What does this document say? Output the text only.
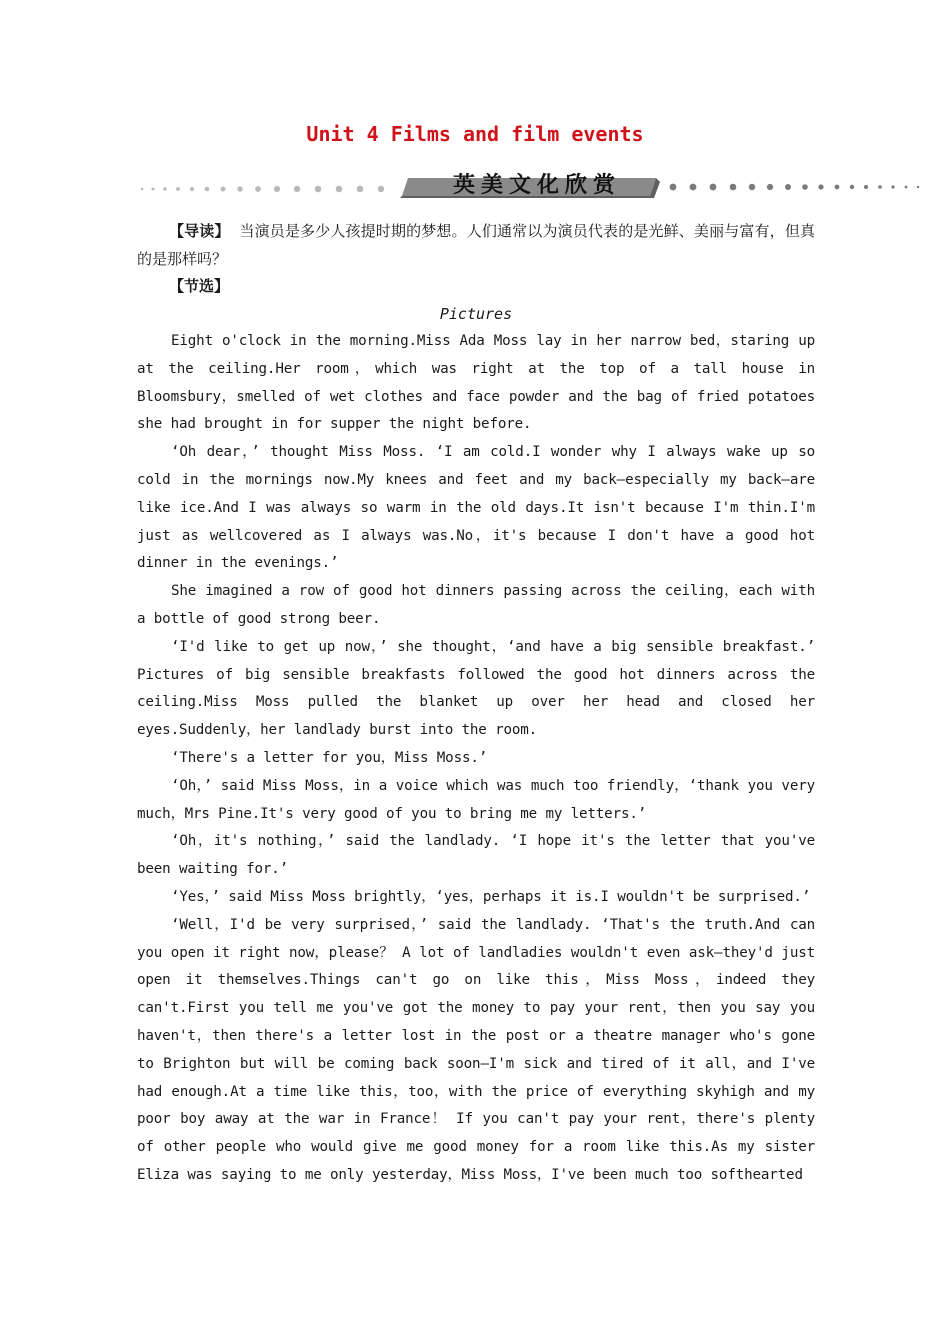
Unit 4 Films and film events
英美文化欣赏

【导读】 当演员是多少人孩提时期的梦想。人们通常以为演员代表的是光鲜、美丽与富有，但真的是那样吗？

【节选】

Pictures

Eight o'clock in the morning.Miss Ada Moss lay in her narrow bed，staring up at the ceiling.Her room，which was right at the top of a tall house in Bloomsbury，smelled of wet clothes and face powder and the bag of fried potatoes she had brought in for supper the night before.

‘Oh dear，’ thought Miss Moss. ‘I am cold.I wonder why I always wake up so cold in the mornings now.My knees and feet and my back—especially my back—are like ice.And I was always so warm in the old days.It isn't because I'm thin.I'm just as wellcovered as I always was.No，it's because I don't have a good hot dinner in the evenings.’

She imagined a row of good hot dinners passing across the ceiling，each with a bottle of good strong beer.

‘I'd like to get up now，’ she thought，‘and have a big sensible breakfast.’ Pictures of big sensible breakfasts followed the good hot dinners across the ceiling.Miss Moss pulled the blanket up over her head and closed her eyes.Suddenly，her landlady burst into the room.

‘There's a letter for you，Miss Moss.’

‘Oh，’ said Miss Moss，in a voice which was much too friendly，‘thank you very much，Mrs Pine.It's very good of you to bring me my letters.’

‘Oh，it's nothing，’ said the landlady. ‘I hope it's the letter that you've been waiting for.’

‘Yes，’ said Miss Moss brightly，‘yes，perhaps it is.I wouldn't be surprised.’

‘Well，I'd be very surprised，’ said the landlady. ‘That's the truth.And can you open it right now，please？ A lot of landladies wouldn't even ask—they'd just open it themselves.Things can't go on like this，Miss Moss，indeed they can't.First you tell me you've got the money to pay your rent，then you say you haven't，then there's a letter lost in the post or a theatre manager who's gone to Brighton but will be coming back soon—I'm sick and tired of it all，and I've had enough.At a time like this，too，with the price of everything skyhigh and my poor boy away at the war in France！ If you can't pay your rent，there's plenty of other people who would give me good money for a room like this.As my sister Eliza was saying to me only yesterday，Miss Moss，I've been much too softhearted
